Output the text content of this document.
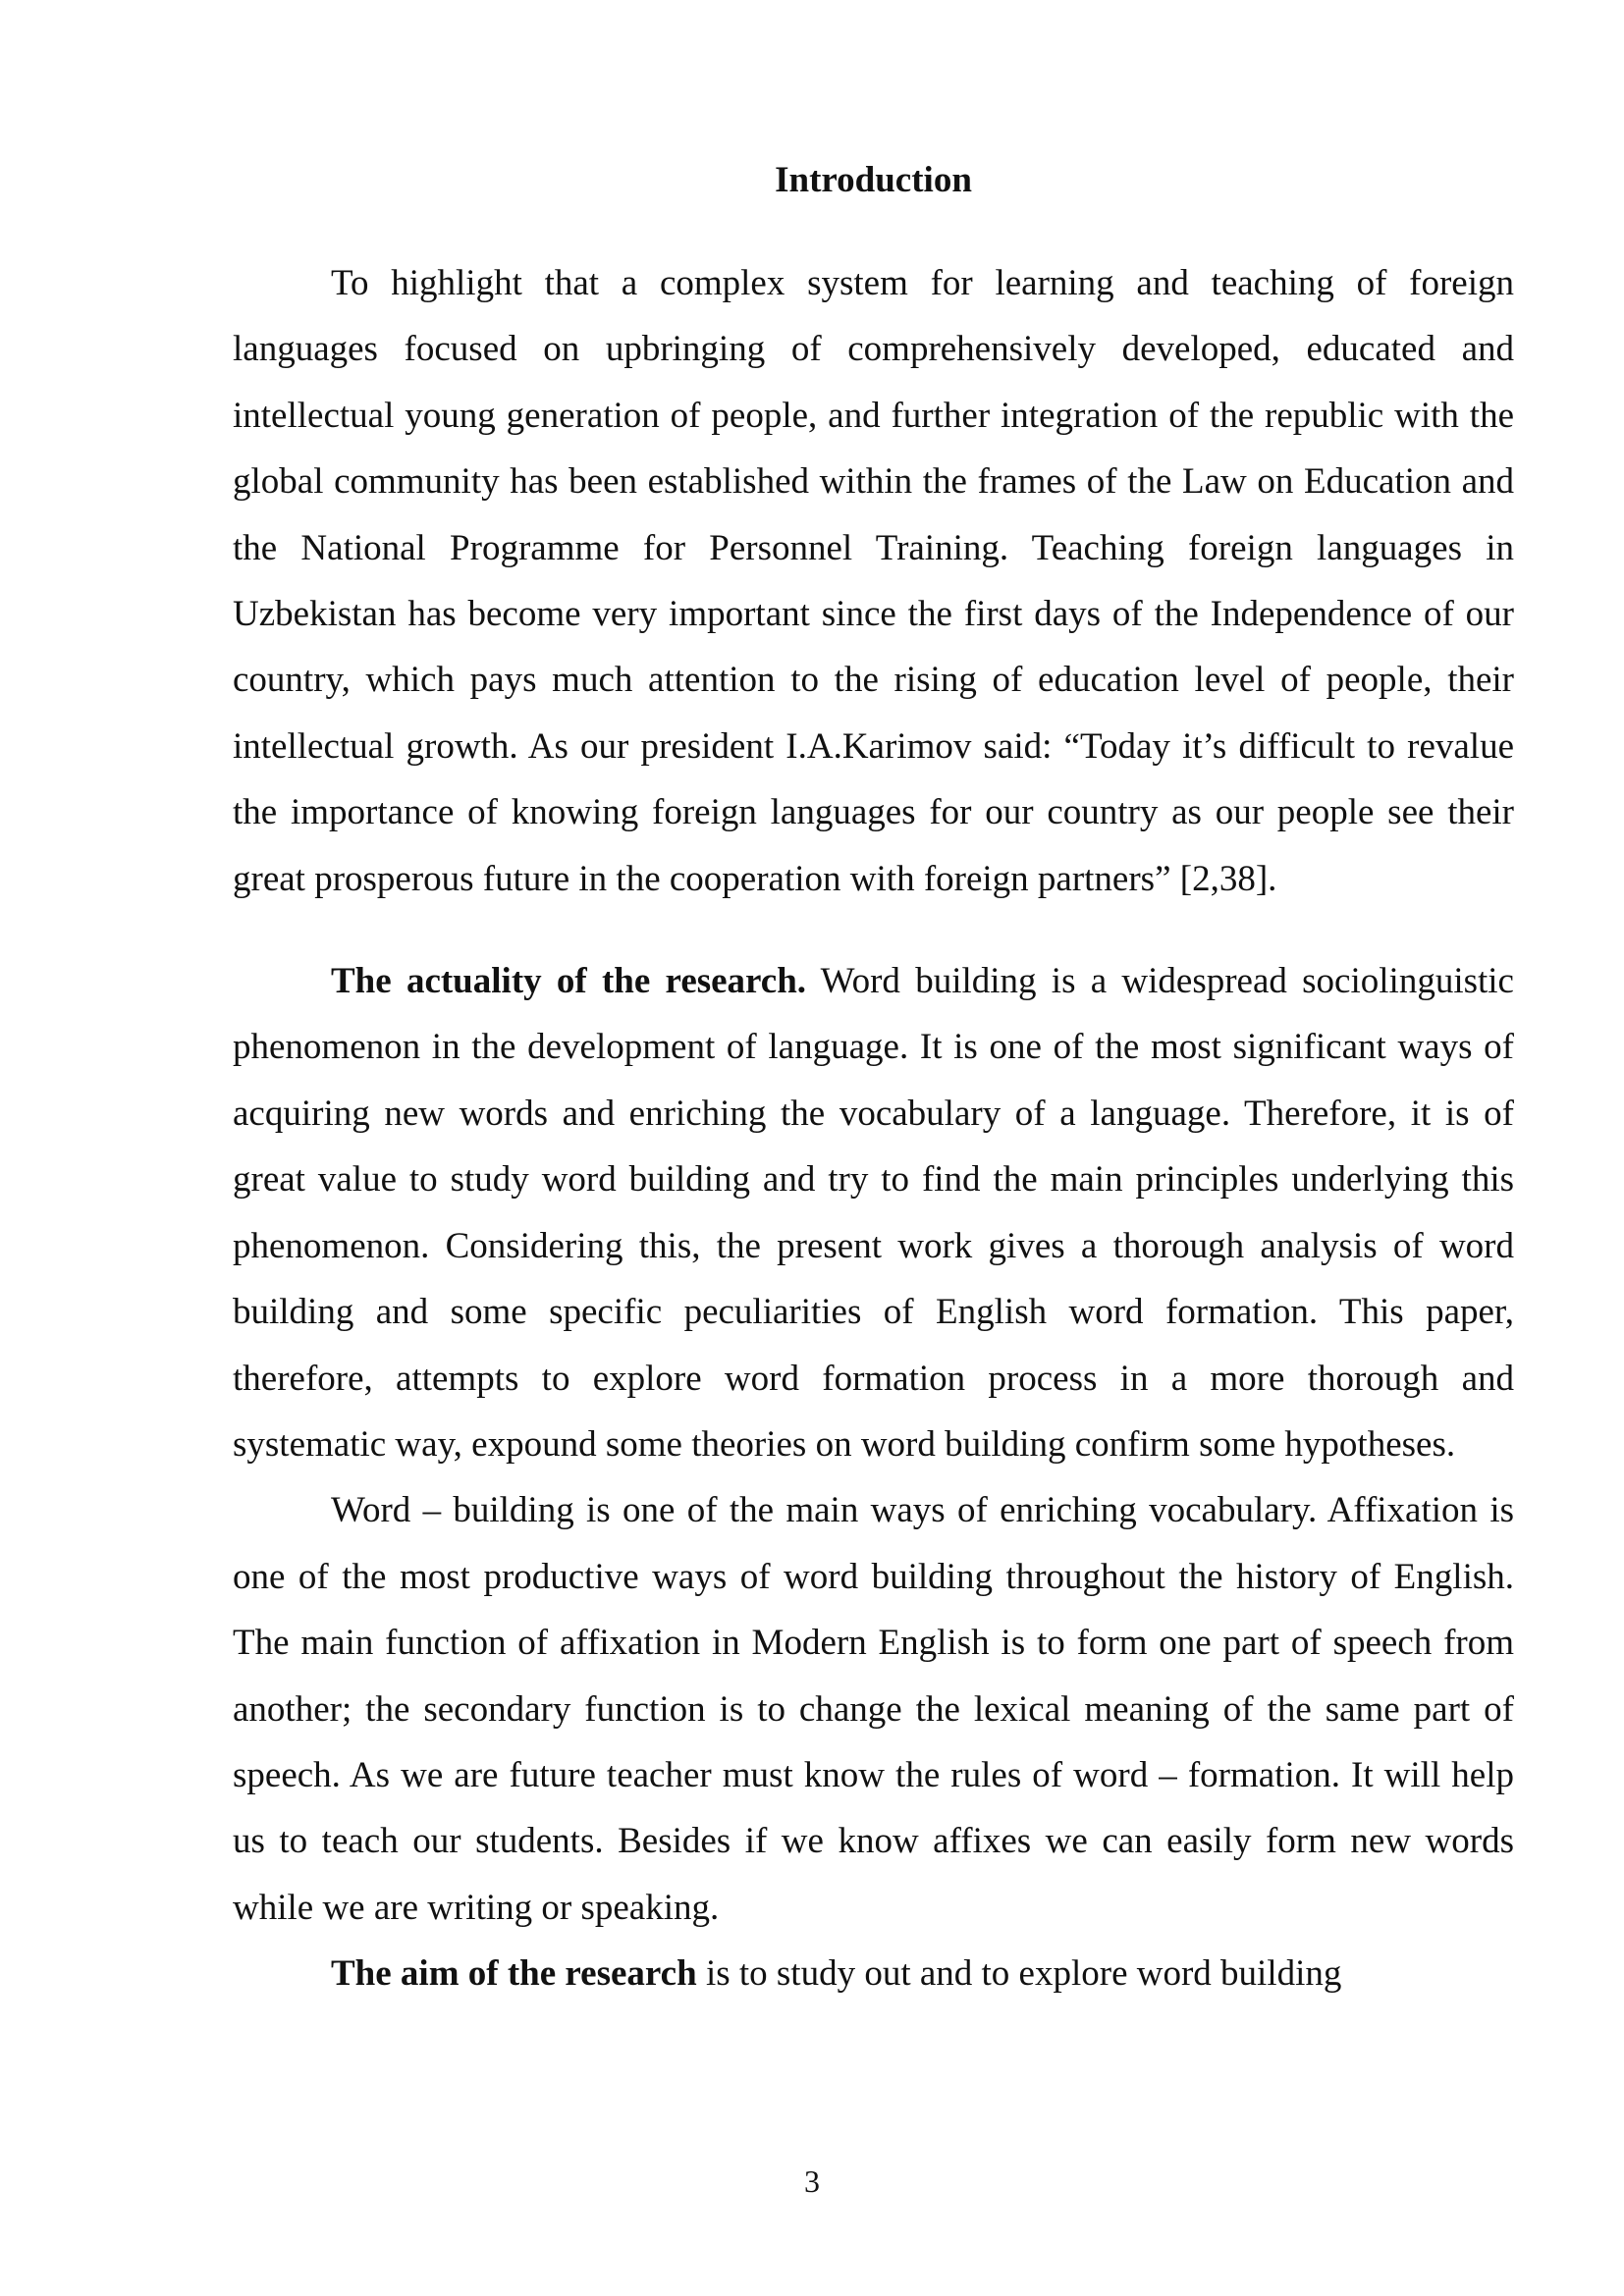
Introduction

To highlight that a complex system for learning and teaching of foreign languages focused on upbringing of comprehensively developed, educated and intellectual young generation of people, and further integration of the republic with the global community has been established within the frames of the Law on Education and the National Programme for Personnel Training. Teaching foreign languages in Uzbekistan has become very important since the first days of the Independence of our country, which pays much attention to the rising of education level of people, their intellectual growth. As our president I.A.Karimov said: “Today it’s difficult to revalue the importance of knowing foreign languages for our country as our people see their great prosperous future in the cooperation with foreign partners” [2,38].

The actuality of the research. Word building is a widespread sociolinguistic phenomenon in the development of language. It is one of the most significant ways of acquiring new words and enriching the vocabulary of a language. Therefore, it is of great value to study word building and try to find the main principles underlying this phenomenon. Considering this, the present work gives a thorough analysis of word building and some specific peculiarities of English word formation. This paper, therefore, attempts to explore word formation process in a more thorough and systematic way, expound some theories on word building confirm some hypotheses.

Word – building is one of the main ways of enriching vocabulary. Affixation is one of the most productive ways of word building throughout the history of English. The main function of affixation in Modern English is to form one part of speech from another; the secondary function is to change the lexical meaning of the same part of speech. As we are future teacher must know the rules of word – formation. It will help us to teach our students. Besides if we know affixes we can easily form new words while we are writing or speaking.

The aim of the research is to study out and to explore word building

3
